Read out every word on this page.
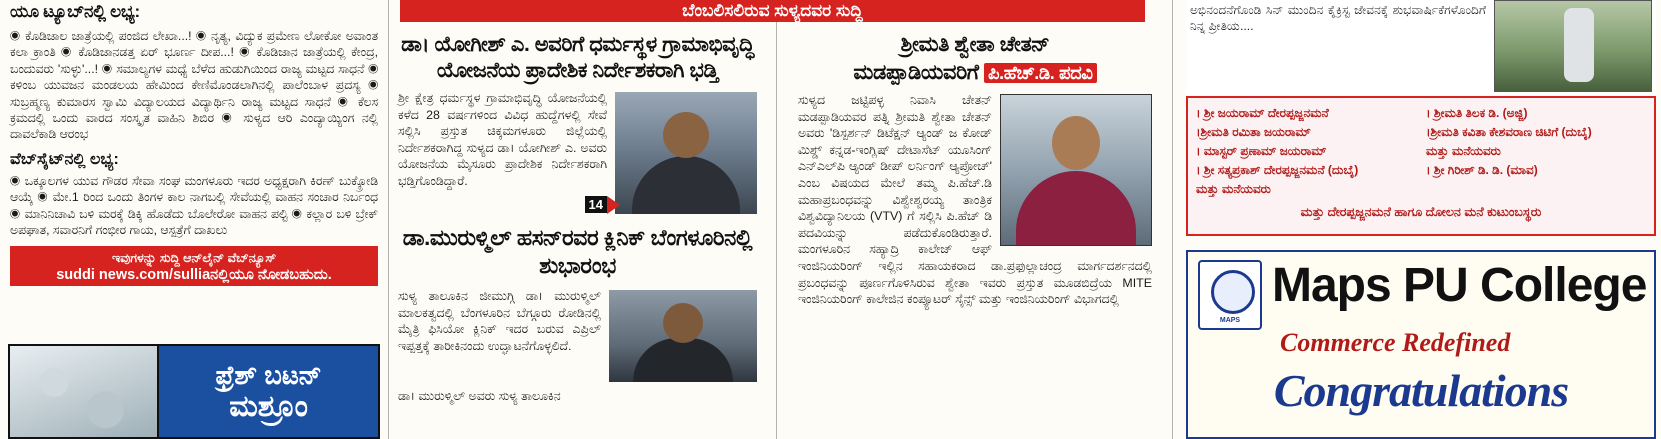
ಬೆಂಬಲಿಸಲಿರುವ ಸುಳ್ಯದವರ ಸುದ್ದಿ
ಯೂ ಟ್ಯೂಬ್‌ನಲ್ಲಿ ಲಭ್ಯ:
◉ ಕೊಡಿಜಾಲ ಜಾತ್ರೆಯಲ್ಲಿ ಪಂಜಿದ ಲೇಖಾ...! ◉ ನೃತ್ಯ, ವಿದ್ಯುಕ ಪ್ರಮೇಣ ಲೋಕೋ ಅವಾಂತ ಕಲಾ ಕ್ರಾಂತಿ ◉ ಕೊಡಿಜಾನಡತ್ತ ಏರ್ ಭೂರ್ಣ ದೀಪ...! ◉ ಕೊಡಿಜಾನ ಜಾತ್ರೆಯಲ್ಲಿ ಕೇಂದ್ರ, ಬಂದುವರು 'ಸುಳ್ಳು'...! ◉ ಸಮಾಲ್ಯಗಳ ಮಧ್ಯೆ ಬೆಳೆದ ಹುಡುಗಿಯಿಂದ ರಾಜ್ಯ ಮಟ್ಟದ ಸಾಧನೆ ◉ ಕಳಿಂಬ ಯುವಜನ ಮಂಡಲಯ ಹೇಮಿಂದ ಕೇಣಿಮೊಂಡಲಾಗಿನಲ್ಲಿ ಪಾಲೆಂಬಾಳ ಪ್ರದಸ್ಯ ◉ ಸುಬ್ರಹ್ಮಣ್ಯ ಕುಮಾರಸ ಸ್ವಾಮಿ ವಿದ್ಯಾಲಯದ ವಿದ್ಯಾರ್ಥಿನಿ ರಾಜ್ಯ ಮಟ್ಟದ ಸಾಧನೆ ◉ ಕೆಲಸ ಕ್ರಮದಲ್ಲಿ ಒಂದು ವಾರದ ಸಂಸ್ಕೃತ ವಾಹಿನಿ ಶಿಬಿರ ◉ ಸುಳ್ಯದ ಆರಿ ಎಂದ್ಯಾಯ್ಯಿಂಗ ನಲ್ಲಿ ದಾವಲೆಕಾಡಿ ಆರಂಭ
ವೆಬ್‌ಸೈಟ್‌ನಲ್ಲಿ ಲಭ್ಯ:
◉ ಒಕ್ಕೂಲಗಳ ಯುವ ಗೌಡರ ಸೇವಾ ಸಂಘ ಮಂಗಳೂರು ಇದರ ಅಧ್ಯಕ್ಷರಾಗಿ ಕಿರಣ್ ಬುಕ್ಕ್ರೋಡಿ ಆಯ್ಕೆ ◉ ಮೇ.1 ರಿಂದ ಒಂದು ತಿಂಗಳ ಕಾಲ ನಾಗಬಲ್ಲಿ ಸೇವೆಯಲ್ಲಿ ವಾಹನ ಸಂಚಾರ ನಿರ್ಬಂಧ ◉ ಮಾನಿನಿಚಾವಿ ಬಳಿ ಮರಕ್ಕೆ ಡಿಕ್ಕಿ ಹೊಡೆದು ಬೊಲೇರೋ ವಾಹನ ಪಲ್ಟಿ ◉ ಕಲ್ಲಾರ ಬಳಿ ಬ್ರೇಕ್ ಅಪಘಾತ, ಸವಾರನಿಗೆ ಗಂಭೀರ ಗಾಯ, ಆಸ್ಪತ್ರೆಗೆ ದಾಖಲು
ಇವುಗಳನ್ನು ಸುದ್ದಿ ಆನ್‌ಲೈನ್ ವೆಬ್‌ನ್ಯೂಸ್
suddi news.com/sulliaನಲ್ಲಿಯೂ ನೋಡಬಹುದು.
ಫ್ರೆಶ್ ಬಟನ್
ಮಶ್ರೂಂ
ಡಾ। ಯೋಗೀಶ್ ಎ. ಅವರಿಗೆ ಧರ್ಮಸ್ಥಳ ಗ್ರಾಮಾಭಿವೃದ್ಧಿ ಯೋಜನೆಯ ಪ್ರಾದೇಶಿಕ ನಿರ್ದೇಶಕರಾಗಿ ಭಡ್ತಿ
ಶ್ರೀ ಕ್ಷೇತ್ರ ಧರ್ಮಸ್ಥಳ ಗ್ರಾಮಾಭಿವೃದ್ಧಿ ಯೋಜನೆಯಲ್ಲಿ ಕಳೆದ 28 ವರ್ಷಗಳಿಂದ ವಿವಿಧ ಹುದ್ದೆಗಳಲ್ಲಿ ಸೇವೆ ಸಲ್ಲಿಸಿ ಪ್ರಸ್ತುತ ಚಿಕ್ಕಮಗಳೂರು ಜಿಲ್ಲೆಯಲ್ಲಿ ನಿರ್ದೇಶಕರಾಗಿದ್ದ ಸುಳ್ಯದ ಡಾ। ಯೋಗೀಶ್ ಎ. ಅವರು ಯೋಜನೆಯ ಮೈಸೂರು ಪ್ರಾದೇಶಿಕ ನಿರ್ದೇಶಕರಾಗಿ ಭಡ್ತಿಗೊಂಡಿದ್ದಾರೆ.
14
ಡಾ.ಮುರುಳ್ಮಿಲ್ ಹಸನ್‌ರವರ ಕ್ಲಿನಿಕ್ ಬೆಂಗಳೂರಿನಲ್ಲಿ ಶುಭಾರಂಭ
ಸುಳ್ಯ ತಾಲೂಕಿನ ಜೀಮುಗ್ಗಿ ಡಾ। ಮುರುಳ್ಮಿಲ್ ಮಾಲಕತ್ವದಲ್ಲಿ ಬೆಂಗಳೂರಿನ ಬೆಗ್ಗೂರು ರೋಡಿನಲ್ಲಿ ಮೈತ್ರಿ ಫಿಸಿಯೋ ಕ್ಲಿನಿಕ್ ಇದರ ಬರುವ ಎಪ್ರಿಲ್ ಇಪ್ಪತ್ತಕ್ಕೆ ತಾರೀಕಿನಂದು ಉದ್ಘಾಟನೆಗೊಳ್ಳಲಿದೆ.
ಡಾ। ಮುರುಳ್ಮಿಲ್ ಅವರು ಸುಳ್ಯ ತಾಲೂಕಿನ
ಶ್ರೀಮತಿ ಶ್ವೇತಾ ಚೇತನ್
ಮಡಪ್ಪಾಡಿಯವರಿಗೆ ಪಿ.ಹೆಚ್.ಡಿ. ಪದವಿ
ಸುಳ್ಯದ ಜಟ್ಟಿಪಳ್ಳ ನಿವಾಸಿ ಚೇತನ್ ಮಡಪ್ಪಾಡಿಯವರ ಪತ್ನಿ ಶ್ರೀಮತಿ ಶ್ವೇತಾ ಚೇತನ್ ಅವರು 'ಡಿಸ್ಪರ್ಶನ್ ಡಿಟೆಕ್ಷನ್ ಆ್ಯಂಡ್ ಜ ಕೋಡ್ ಮಿಶ್ಡ್ ಕನ್ನಡ-ಇಂಗ್ಲಿಷ್ ದೇಟಾಸೆಟ್ ಯೂಸಿಂಗ್ ಎನ್‌ಎಲ್‌ಪಿ ಆ್ಯಂಡ್ ಡೀಪ್ ಲರ್ನಿಂಗ್ ಆ್ಯಪ್ರೋಚ್' ಎಂಬ ವಿಷಯದ ಮೇಲೆ ತಮ್ಮ ಪಿ.ಹೆಚ್.ಡಿ ಮಹಾಪ್ರಬಂಧವನ್ನು ವಿಶ್ವೇಶ್ವರಯ್ಯ ತಾಂತ್ರಿಕ ವಿಶ್ವವಿದ್ಯಾನಿಲಯ (VTV) ಗೆ ಸಲ್ಲಿಸಿ ಪಿ.ಹೆಚ್ ಡಿ ಪದವಿಯನ್ನು ಪಡೆದುಕೊಂಡಿರುತ್ತಾರೆ. ಮಂಗಳೂರಿನ ಸಹ್ಯಾದ್ರಿ ಕಾಲೇಜ್ ಆಫ್ ಇಂಜಿನಿಯರಿಂಗ್ ಇಲ್ಲಿನ ಸಹಾಯಕರಾದ ಡಾ.ಪ್ರಫುಲ್ಲಾಚಂದ್ರ ಮಾರ್ಗದರ್ಶನದಲ್ಲಿ ಪ್ರಬಂಧವನ್ನು ಪೂರ್ಣಗೊಳಿಸಿರುವ ಶ್ವೇತಾ ಇವರು ಪ್ರಸ್ತುತ ಮೂಡಬಿದ್ರೆಯ MITE ಇಂಜಿನಿಯರಿಂಗ್ ಕಾಲೇಜಿನ ಕಂಪ್ಯೂಟರ್ ಸೈನ್ಸ್ ಮತ್ತು ಇಂಜಿನಿಯರಿಂಗ್ ವಿಭಾಗದಲ್ಲಿ
ಅಭಿನಂದನೆಗೊಂಡಿ ಸಿನ್ ಮುಂದಿನ ಕೈಕ್ರಿಸ್ಟ ಜೇವನಕ್ಕೆ ಶುಭವಾರ್ಷಿಕೆಗಳೊಂದಿಗೆ ನಿನ್ನ ಪ್ರೀತಿಯ....
। ಶ್ರೀ ಜಯರಾಮ್ ದೇರಪ್ಪಜ್ಜನಮನೆ
।ಶ್ರೀಮತಿ ರಮಿತಾ ಜಯರಾಮ್
। ಮಾಸ್ಟರ್ ಪ್ರಣಾಮ್ ಜಯರಾಮ್
। ಶ್ರೀ ಸತ್ಯಪ್ರಕಾಶ್ ದೇರಪ್ಪಜ್ಜನಮನೆ (ದುಬೈ)
ಮತ್ತು ಮನೆಯವರು
। ಶ್ರೀಮತಿ ತಿಲಕ ಡಿ. (ಅಜ್ಜಿ)
।ಶ್ರೀಮತಿ ಕವಿತಾ ಕೇಶವರಾಣ ಚಿಟಿಗೆ (ದುಬೈ)
ಮತ್ತು ಮನೆಯವರು
। ಶ್ರೀ ಗಿರೀಶ್ ಡಿ. ಡಿ. (ಮಾವ)
ಮತ್ತು ದೇರಪ್ಪಜ್ಜನಮನೆ ಹಾಗೂ ದೋಲನ ಮನೆ ಕುಟುಂಬಸ್ಥರು
MAPS
Maps PU College
Commerce Redefined
Congratulations
